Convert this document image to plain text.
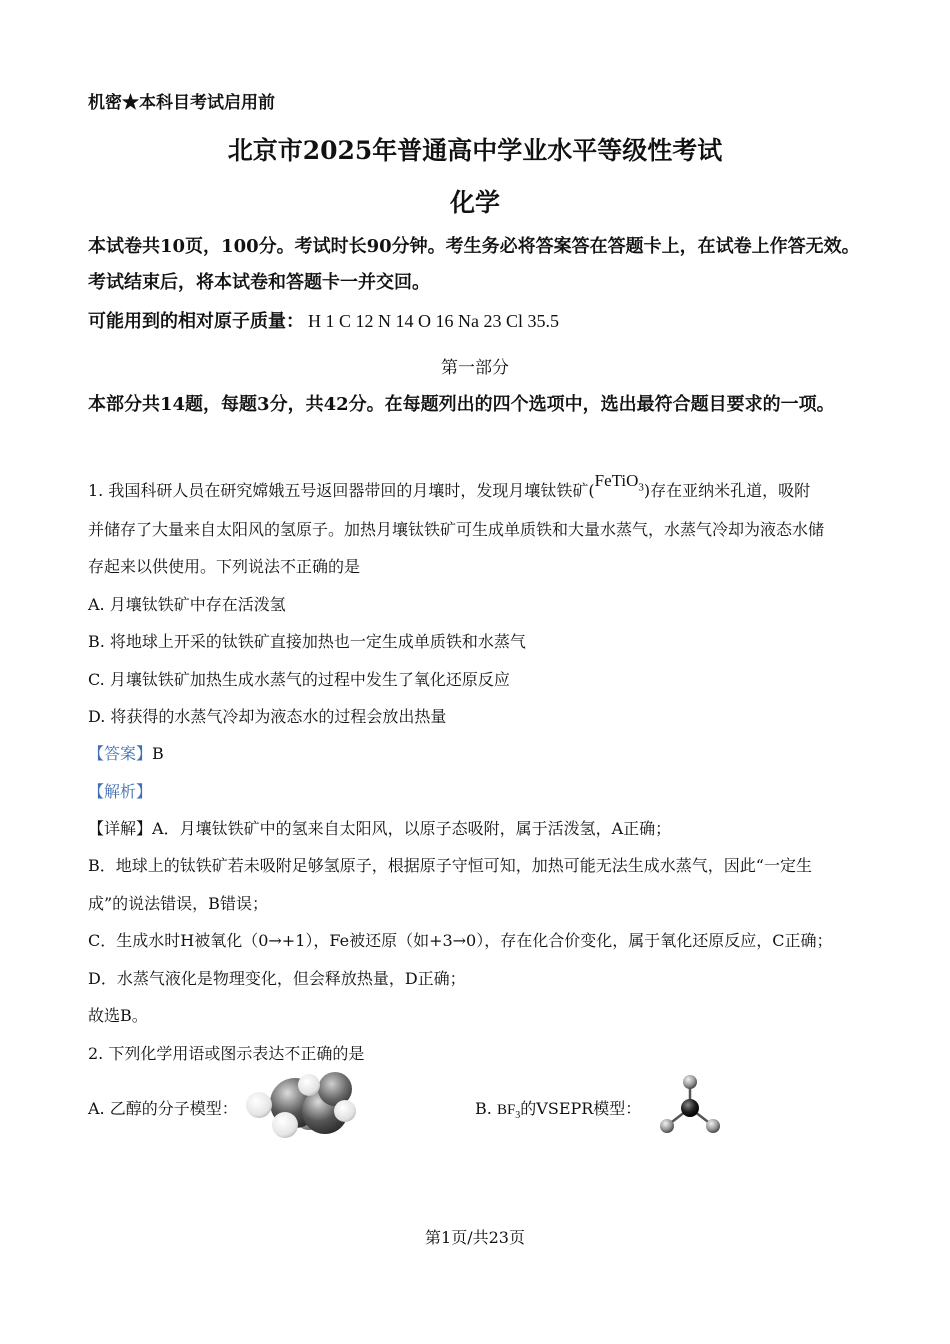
机密★本科目考试启用前
北京市2025年普通高中学业水平等级性考试
化学
本试卷共10页，100分。考试时长90分钟。考生务必将答案答在答题卡上，在试卷上作答无效。考试结束后，将本试卷和答题卡一并交回。
可能用到的相对原子质量： H 1 C 12 N 14 O 16 Na 23 Cl 35.5
第一部分
本部分共14题，每题3分，共42分。在每题列出的四个选项中，选出最符合题目要求的一项。
1. 我国科研人员在研究嫦娥五号返回器带回的月壤时，发现月壤钛铁矿(FeTiO$_3$)存在亚纳米孔道，吸附
并储存了大量来自太阳风的氢原子。加热月壤钛铁矿可生成单质铁和大量水蒸气，水蒸气冷却为液态水储
存起来以供使用。下列说法不正确的是
A. 月壤钛铁矿中存在活泼氢
B. 将地球上开采的钛铁矿直接加热也一定生成单质铁和水蒸气
C. 月壤钛铁矿加热生成水蒸气的过程中发生了氧化还原反应
D. 将获得的水蒸气冷却为液态水的过程会放出热量
【答案】B
【解析】
【详解】A．月壤钛铁矿中的氢来自太阳风，以原子态吸附，属于活泼氢，A正确；
B．地球上的钛铁矿若未吸附足够氢原子，根据原子守恒可知，加热可能无法生成水蒸气，因此“一定生
成”的说法错误，B错误；
C．生成水时H被氧化（0→+1），Fe被还原（如+3→0），存在化合价变化，属于氧化还原反应，C正确；
D．水蒸气液化是物理变化，但会释放热量，D正确；
故选B。
2. 下列化学用语或图示表达不正确的是
A. 乙醇的分子模型：	B. $BF_3$的VSEPR模型：
第1页/共23页
